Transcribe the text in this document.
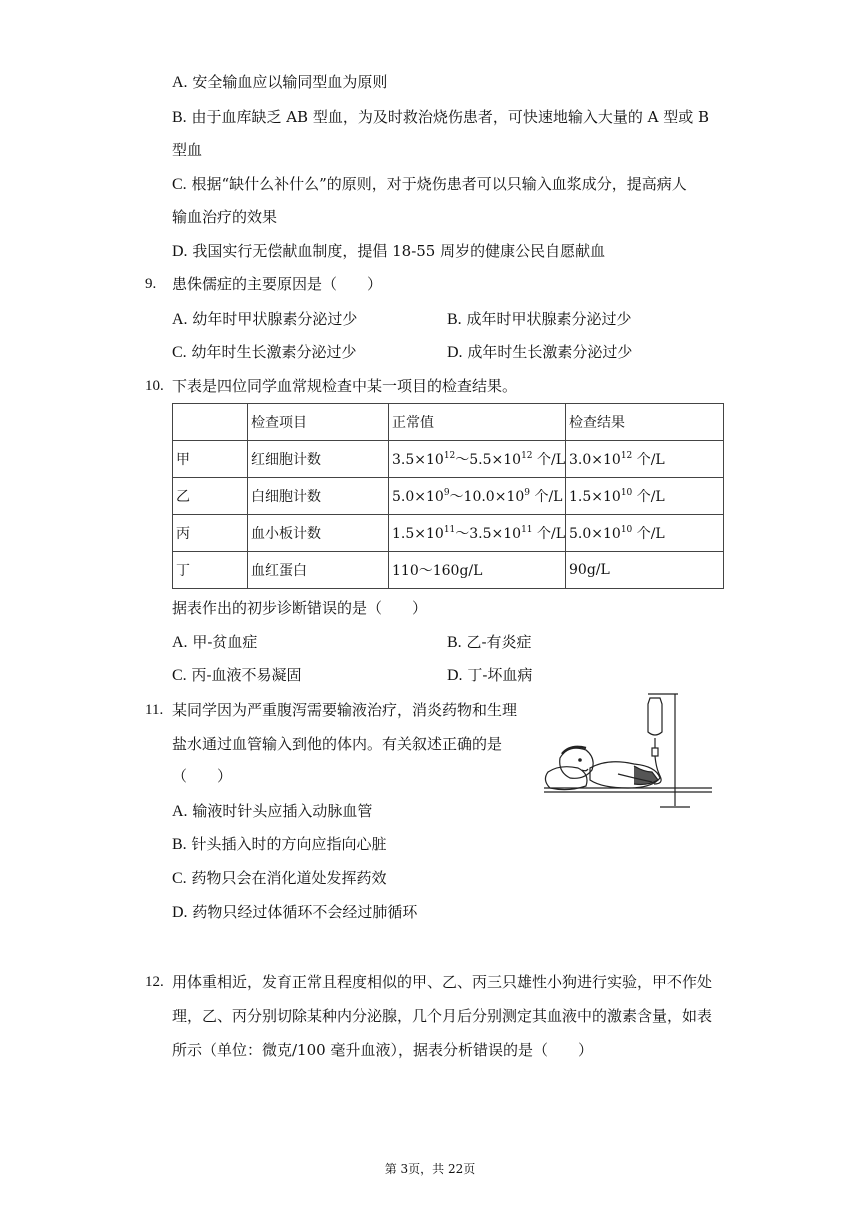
A. 安全输血应以输同型血为原则
B. 由于血库缺乏 AB 型血，为及时救治烧伤患者，可快速地输入大量的 A 型或 B
型血
C. 根据“缺什么补什么”的原则，对于烧伤患者可以只输入血浆成分，提高病人
输血治疗的效果
D. 我国实行无偿献血制度，提倡 18-55 周岁的健康公民自愿献血
9. 患侏儒症的主要原因是（　　）
A. 幼年时甲状腺素分泌过少	B. 成年时甲状腺素分泌过少
C. 幼年时生长激素分泌过少	D. 成年时生长激素分泌过少
10. 下表是四位同学血常规检查中某一项目的检查结果。
	检查项目	正常值	检查结果
甲	红细胞计数	$3.5\times 10^{12}\sim 5.5\times 10^{12}$ 个/L	$3.0\times 10^{12}$ 个/L
乙	白细胞计数	$5.0\times 10^9\sim 10.0\times 10^9$ 个/L	$1.5\times 10^{10}$ 个/L
丙	血小板计数	$1.5\times 10^{11}\sim 3.5\times 10^{11}$ 个/L	$5.0\times 10^{10}$ 个/L
丁	血红蛋白	110～160g/L	90g/L
据表作出的初步诊断错误的是（　　）
A. 甲-贫血症	B. 乙-有炎症
C. 丙-血液不易凝固	D. 丁-坏血病
11. 某同学因为严重腹泻需要输液治疗，消炎药物和生理
盐水通过血管输入到他的体内。有关叙述正确的是
（　　）
A. 输液时针头应插入动脉血管
B. 针头插入时的方向应指向心脏
C. 药物只会在消化道处发挥药效
D. 药物只经过体循环不会经过肺循环
12. 用体重相近，发育正常且程度相似的甲、乙、丙三只雄性小狗进行实验，甲不作处
理，乙、丙分别切除某种内分泌腺，几个月后分别测定其血液中的激素含量，如表
所示（单位：微克/100 毫升血液），据表分析错误的是（　　）
第 3页，共 22页
